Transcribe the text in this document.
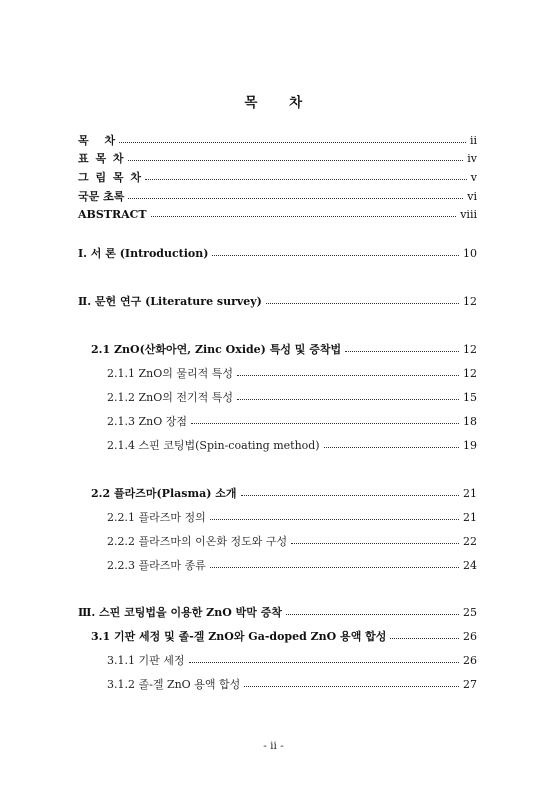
목 차
목 차	ii
표 목 차	iv
그 림 목 차	v
국문 초록	vi
ABSTRACT	viii
Ⅰ. 서 론 (Introduction)	10
Ⅱ. 문헌 연구 (Literature survey)	12
2.1 ZnO(산화아연, Zinc Oxide) 특성 및 증착법	12
2.1.1 ZnO의 물리적 특성	12
2.1.2 ZnO의 전기적 특성	15
2.1.3 ZnO 장점	18
2.1.4 스핀 코팅법(Spin-coating method)	19
2.2 플라즈마(Plasma) 소개	21
2.2.1 플라즈마 정의	21
2.2.2 플라즈마의 이온화 정도와 구성	22
2.2.3 플라즈마 종류	24
Ⅲ. 스핀 코팅법을 이용한 ZnO 박막 증착	25
3.1 기판 세정 및 졸-겔 ZnO와 Ga-doped ZnO 용액 합성	26
3.1.1 기판 세정	26
3.1.2 졸-겔 ZnO 용액 합성	27
- ii -
